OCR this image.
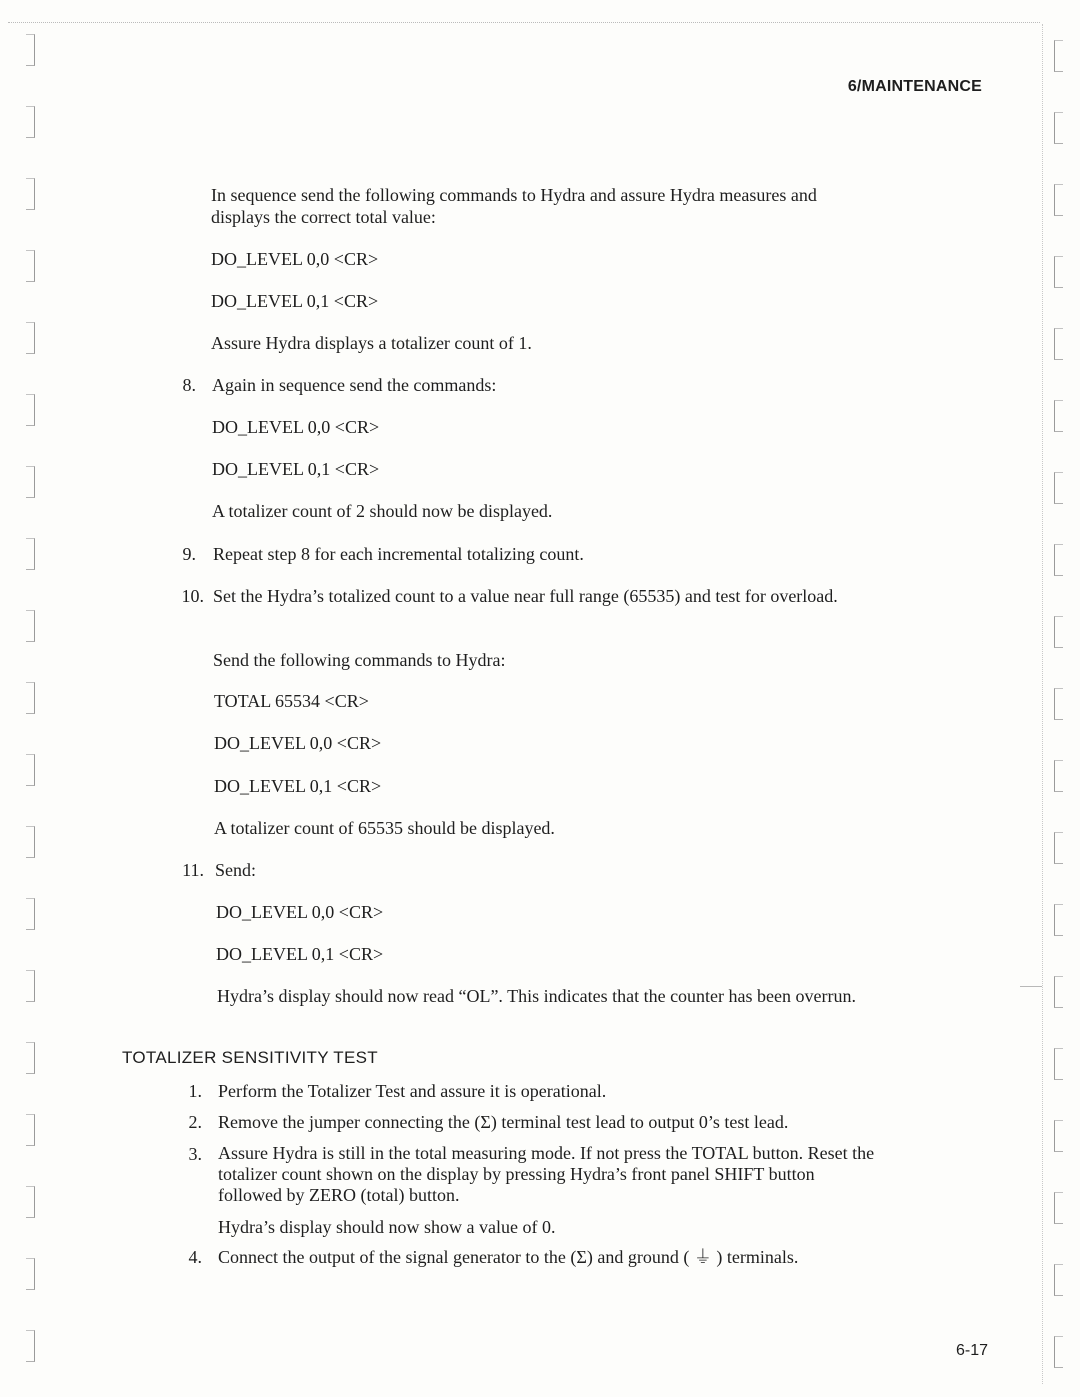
6/MAINTENANCE
In sequence send the following commands to Hydra and assure Hydra measures and displays the correct total value:
DO_LEVEL 0,0 <CR>
DO_LEVEL 0,1 <CR>
Assure Hydra displays a totalizer count of 1.
8. Again in sequence send the commands:
DO_LEVEL 0,0 <CR>
DO_LEVEL 0,1 <CR>
A totalizer count of 2 should now be displayed.
9. Repeat step 8 for each incremental totalizing count.
10. Set the Hydra’s totalized count to a value near full range (65535) and test for overload.
Send the following commands to Hydra:
TOTAL 65534 <CR>
DO_LEVEL 0,0 <CR>
DO_LEVEL 0,1 <CR>
A totalizer count of 65535 should be displayed.
11. Send:
DO_LEVEL 0,0 <CR>
DO_LEVEL 0,1 <CR>
Hydra’s display should now read “OL”. This indicates that the counter has been overrun.
TOTALIZER SENSITIVITY TEST
1. Perform the Totalizer Test and assure it is operational.
2. Remove the jumper connecting the (Σ) terminal test lead to output 0’s test lead.
3. Assure Hydra is still in the total measuring mode. If not press the TOTAL button. Reset the totalizer count shown on the display by pressing Hydra’s front panel SHIFT button followed by ZERO (total) button.
Hydra’s display should now show a value of 0.
4. Connect the output of the signal generator to the (Σ) and ground ( ⏚ ) terminals.
6-17
